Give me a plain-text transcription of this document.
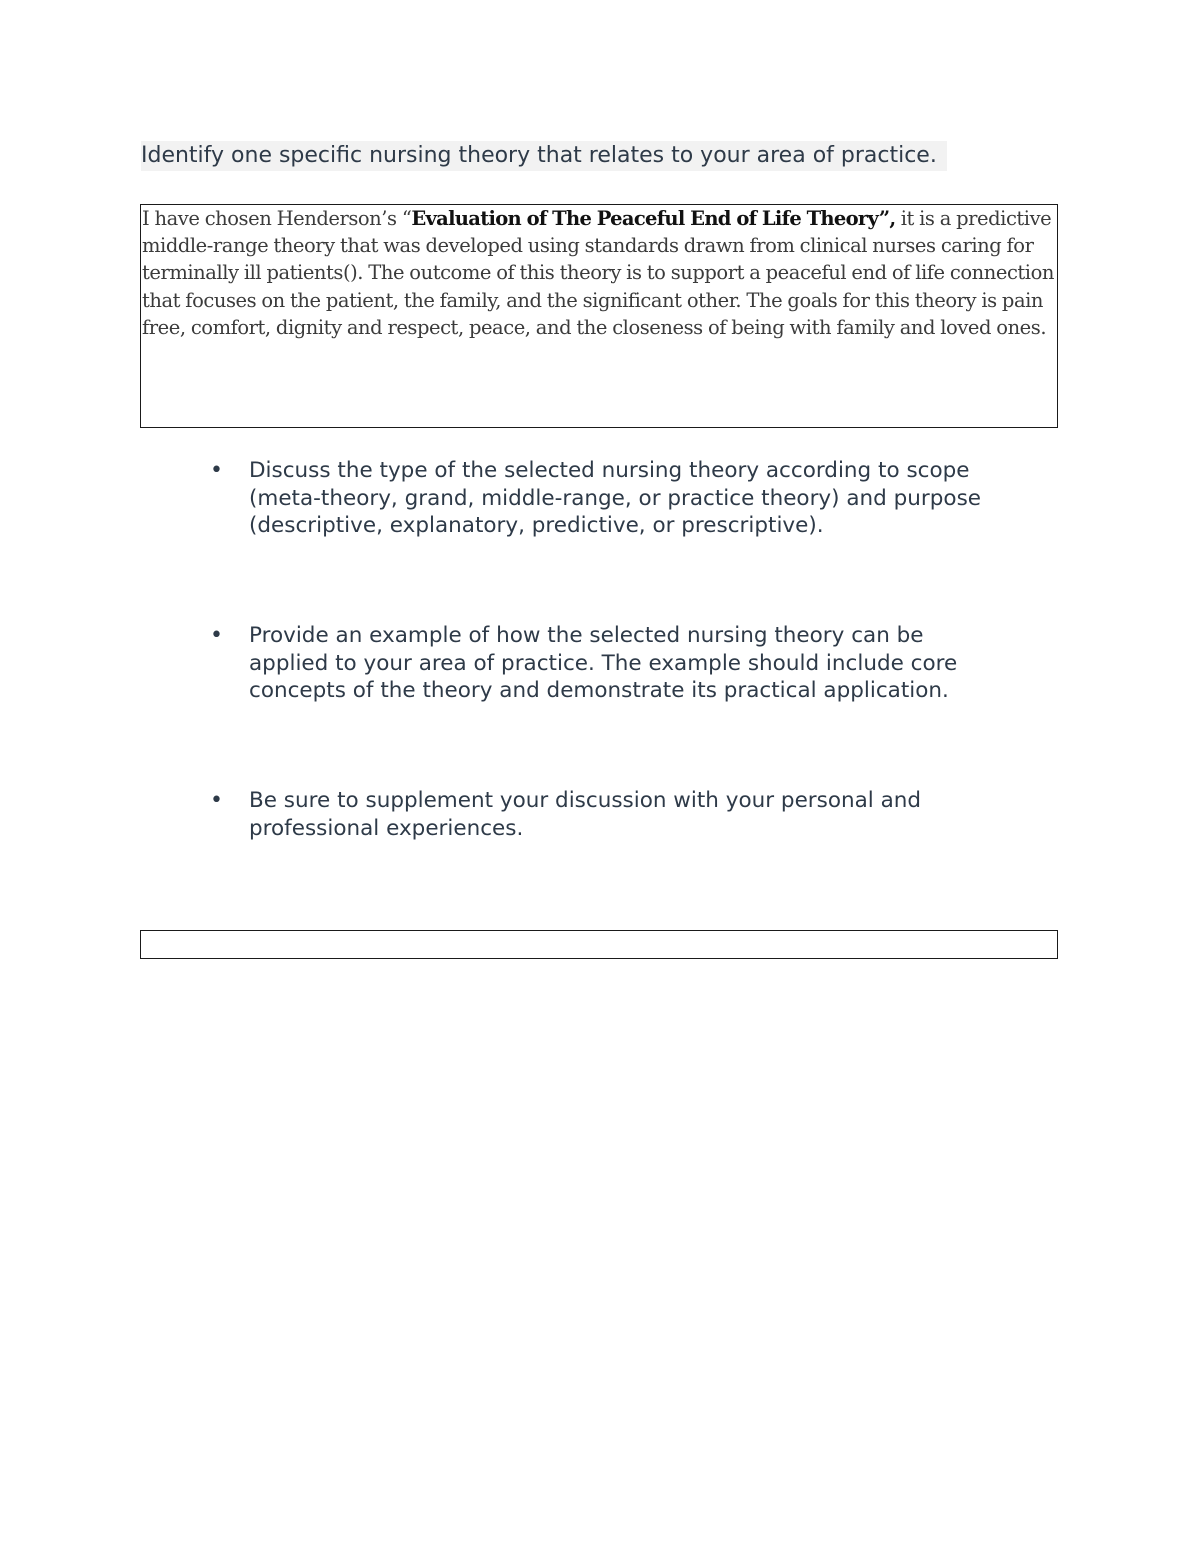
Identify one specific nursing theory that relates to your area of practice.

I have chosen Henderson’s “Evaluation of The Peaceful End of Life Theory”, it is a predictive middle-range theory that was developed using standards drawn from clinical nurses caring for terminally ill patients(). The outcome of this theory is to support a peaceful end of life connection that focuses on the patient, the family, and the significant other. The goals for this theory is pain free, comfort, dignity and respect, peace, and the closeness of being with family and loved ones.

• Discuss the type of the selected nursing theory according to scope
(meta-theory, grand, middle-range, or practice theory) and purpose
(descriptive, explanatory, predictive, or prescriptive).

• Provide an example of how the selected nursing theory can be
applied to your area of practice. The example should include core
concepts of the theory and demonstrate its practical application.

• Be sure to supplement your discussion with your personal and
professional experiences.
